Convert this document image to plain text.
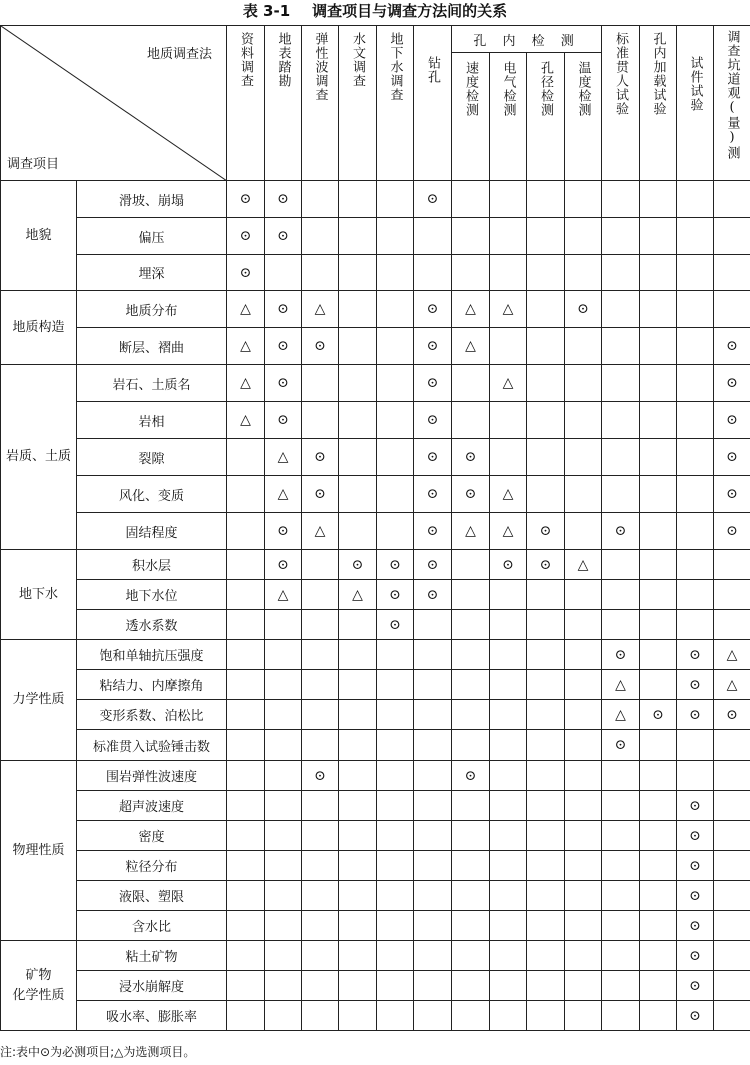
表 3-1 调查项目与调查方法间的关系
地质调查法
调查项目		资料调查	地表踏勘	弹性波调查	水文调查	地下水调查	钻孔	孔 内 检 测				标准贯人试验	孔内加载试验	试件试验	调查坑道观(量)测
								速度检测	电气检测	孔径检测	温度检测				
地貌	滑坡、崩塌	⊙	⊙				⊙								
	偏压	⊙	⊙												
	埋深	⊙													
地质构造	地质分布	△	⊙	△			⊙	△	△		⊙				
	断层、褶曲	△	⊙	⊙			⊙	△							⊙
岩质、土质	岩石、土质名	△	⊙				⊙		△						⊙
	岩相	△	⊙				⊙								⊙
	裂隙		△	⊙			⊙	⊙							⊙
	风化、变质		△	⊙			⊙	⊙	△						⊙
	固结程度		⊙	△			⊙	△	△	⊙		⊙			⊙
地下水	积水层		⊙		⊙	⊙	⊙		⊙	⊙	△				
	地下水位		△		△	⊙	⊙								
	透水系数					⊙									
力学性质	饱和单轴抗压强度											⊙		⊙	△
	粘结力、内摩擦角											△		⊙	△
	变形系数、泊松比											△	⊙	⊙	⊙
	标准贯入试验锤击数											⊙			
物理性质	围岩弹性波速度			⊙				⊙							
	超声波速度													⊙	
	密度													⊙	
	粒径分布													⊙	
	液限、塑限													⊙	
	含水比													⊙	

矿物
化学性质	粘土矿物													⊙	
	浸水崩解度													⊙	
	吸水率、膨胀率													⊙	
注:表中⊙为必测项目;△为选测项目。
